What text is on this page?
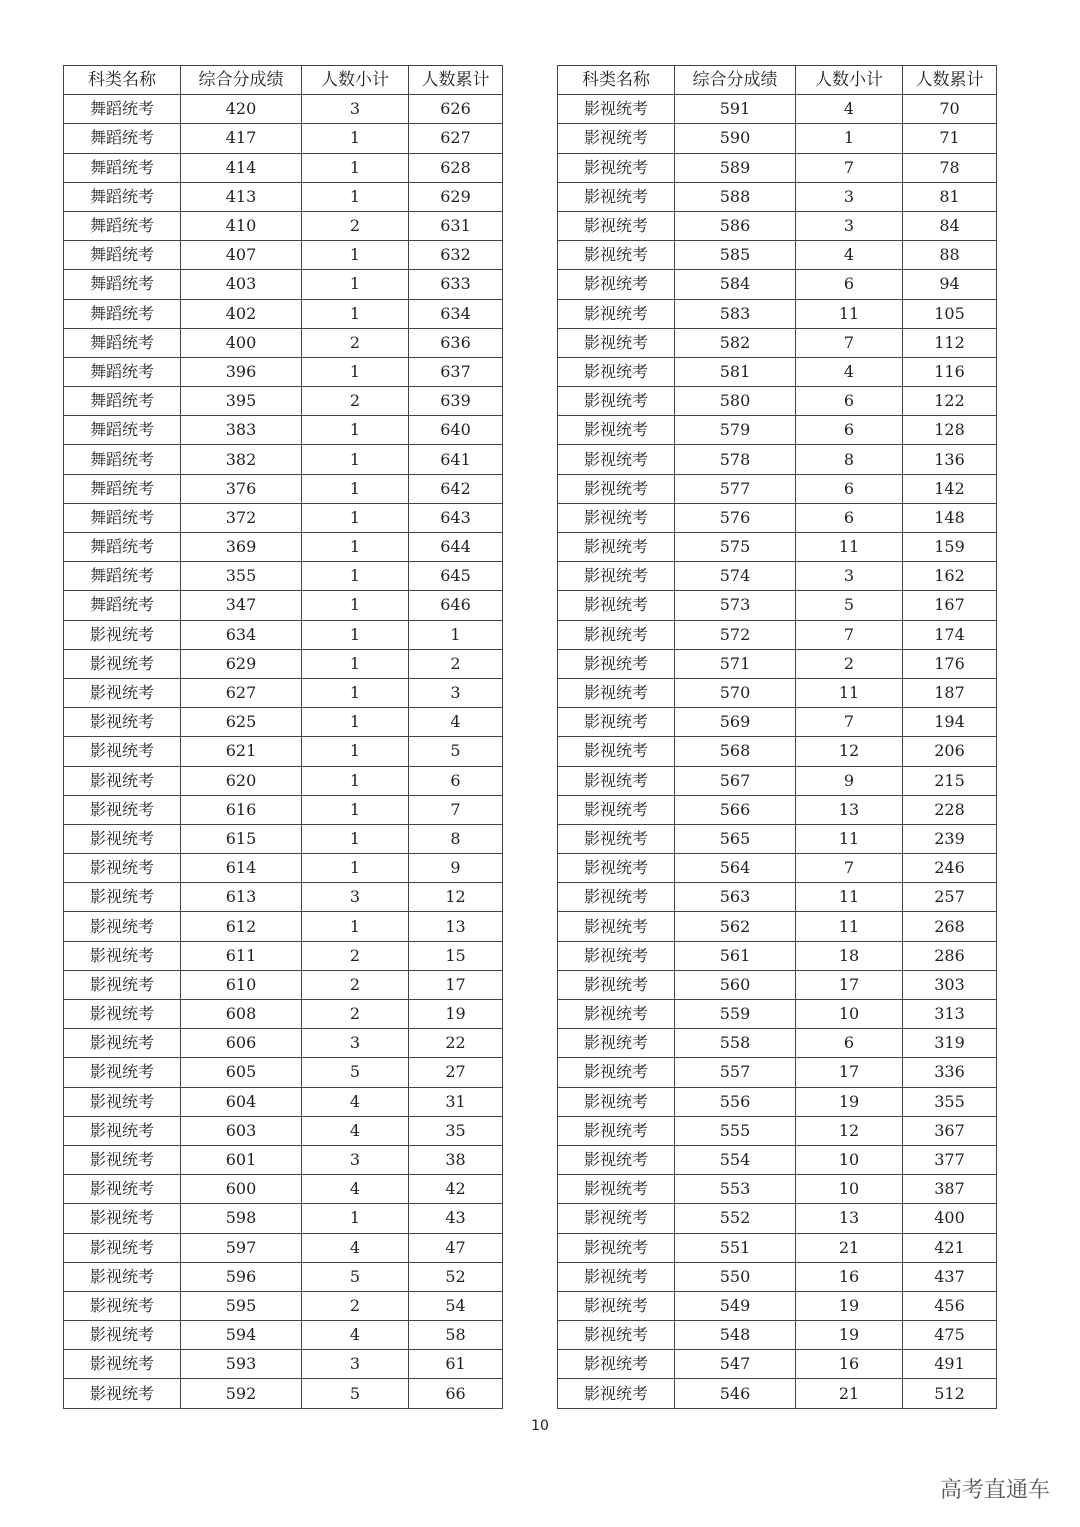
科类名称	综合分成绩	人数小计	人数累计
舞蹈统考	420	3	626
舞蹈统考	417	1	627
舞蹈统考	414	1	628
舞蹈统考	413	1	629
舞蹈统考	410	2	631
舞蹈统考	407	1	632
舞蹈统考	403	1	633
舞蹈统考	402	1	634
舞蹈统考	400	2	636
舞蹈统考	396	1	637
舞蹈统考	395	2	639
舞蹈统考	383	1	640
舞蹈统考	382	1	641
舞蹈统考	376	1	642
舞蹈统考	372	1	643
舞蹈统考	369	1	644
舞蹈统考	355	1	645
舞蹈统考	347	1	646
影视统考	634	1	1
影视统考	629	1	2
影视统考	627	1	3
影视统考	625	1	4
影视统考	621	1	5
影视统考	620	1	6
影视统考	616	1	7
影视统考	615	1	8
影视统考	614	1	9
影视统考	613	3	12
影视统考	612	1	13
影视统考	611	2	15
影视统考	610	2	17
影视统考	608	2	19
影视统考	606	3	22
影视统考	605	5	27
影视统考	604	4	31
影视统考	603	4	35
影视统考	601	3	38
影视统考	600	4	42
影视统考	598	1	43
影视统考	597	4	47
影视统考	596	5	52
影视统考	595	2	54
影视统考	594	4	58
影视统考	593	3	61
影视统考	592	5	66
科类名称	综合分成绩	人数小计	人数累计
影视统考	591	4	70
影视统考	590	1	71
影视统考	589	7	78
影视统考	588	3	81
影视统考	586	3	84
影视统考	585	4	88
影视统考	584	6	94
影视统考	583	11	105
影视统考	582	7	112
影视统考	581	4	116
影视统考	580	6	122
影视统考	579	6	128
影视统考	578	8	136
影视统考	577	6	142
影视统考	576	6	148
影视统考	575	11	159
影视统考	574	3	162
影视统考	573	5	167
影视统考	572	7	174
影视统考	571	2	176
影视统考	570	11	187
影视统考	569	7	194
影视统考	568	12	206
影视统考	567	9	215
影视统考	566	13	228
影视统考	565	11	239
影视统考	564	7	246
影视统考	563	11	257
影视统考	562	11	268
影视统考	561	18	286
影视统考	560	17	303
影视统考	559	10	313
影视统考	558	6	319
影视统考	557	17	336
影视统考	556	19	355
影视统考	555	12	367
影视统考	554	10	377
影视统考	553	10	387
影视统考	552	13	400
影视统考	551	21	421
影视统考	550	16	437
影视统考	549	19	456
影视统考	548	19	475
影视统考	547	16	491
影视统考	546	21	512
10
高考直通车
